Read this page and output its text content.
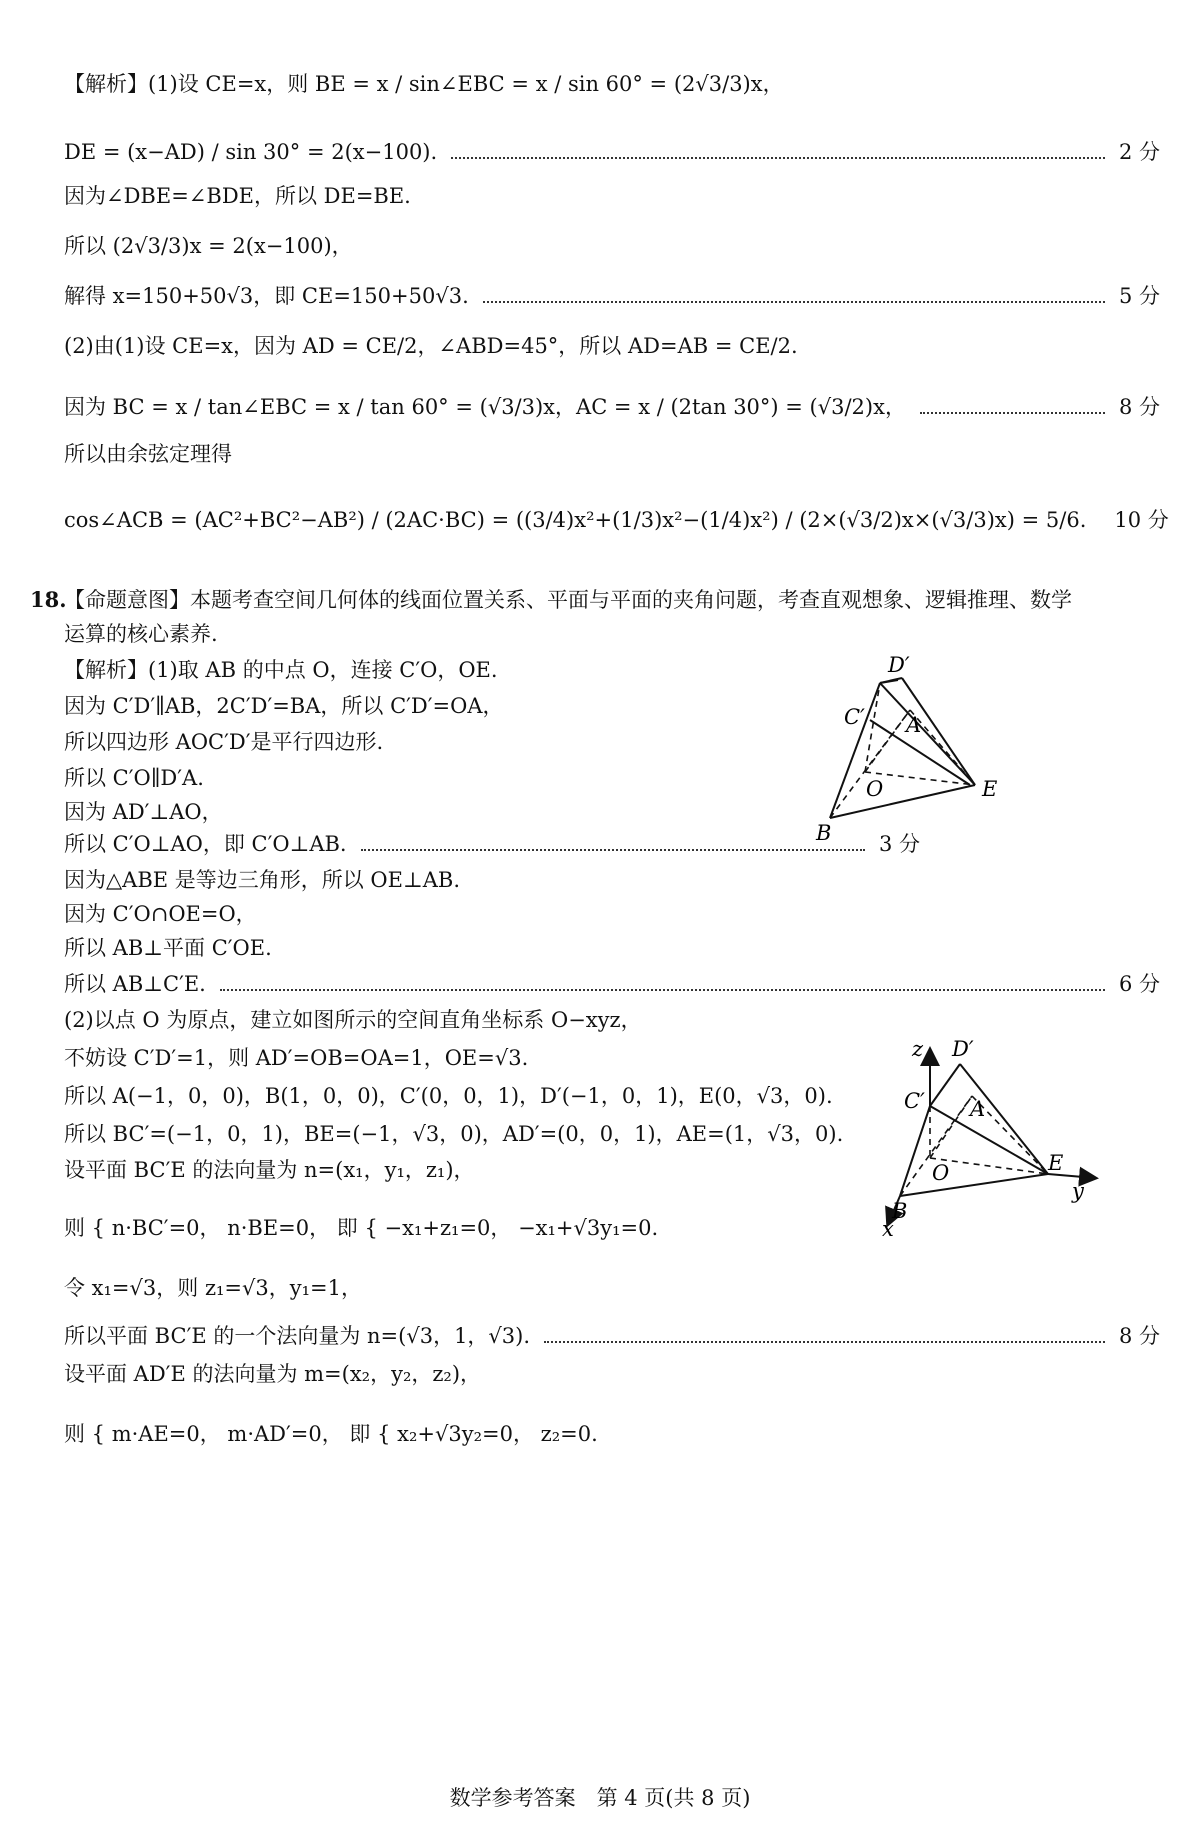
【解析】(1)设 CE=x，则 BE = x / sin∠EBC = x / sin 60° = (2√3/3)x，
DE = (x−AD) / sin 30° = 2(x−100).	2 分
因为∠DBE=∠BDE，所以 DE=BE.
所以 (2√3/3)x = 2(x−100)，
解得 x=150+50√3，即 CE=150+50√3.	5 分
(2)由(1)设 CE=x，因为 AD = CE/2，∠ABD=45°，所以 AD=AB = CE/2.
因为 BC = x / tan∠EBC = x / tan 60° = (√3/3)x，AC = x / (2tan 30°) = (√3/2)x，	8 分
所以由余弦定理得
cos∠ACB = (AC²+BC²−AB²) / (2AC·BC) = ((3/4)x²+(1/3)x²−(1/4)x²) / (2×(√3/2)x×(√3/3)x) = 5/6. 10 分
18.
【命题意图】本题考查空间几何体的线面位置关系、平面与平面的夹角问题，考查直观想象、逻辑推理、数学
运算的核心素养.
【解析】(1)取 AB 的中点 O，连接 C′O，OE.
因为 C′D′∥AB，2C′D′=BA，所以 C′D′=OA，
所以四边形 AOC′D′是平行四边形.
所以 C′O∥D′A.
因为 AD′⊥AO，
所以 C′O⊥AO，即 C′O⊥AB.	3 分
因为△ABE 是等边三角形，所以 OE⊥AB.
因为 C′O∩OE=O，
所以 AB⊥平面 C′OE.
所以 AB⊥C′E.	6 分
(2)以点 O 为原点，建立如图所示的空间直角坐标系 O−xyz，
不妨设 C′D′=1，则 AD′=OB=OA=1，OE=√3.
所以 A(−1，0，0)，B(1，0，0)，C′(0，0，1)，D′(−1，0，1)，E(0，√3，0).
所以 BC′=(−1，0，1)，BE=(−1，√3，0)，AD′=(0，0，1)，AE=(1，√3，0).
设平面 BC′E 的法向量为 n=(x₁，y₁，z₁)，
则 { n·BC′=0， n·BE=0， 即 { −x₁+z₁=0， −x₁+√3y₁=0.
令 x₁=√3，则 z₁=√3，y₁=1，
所以平面 BC′E 的一个法向量为 n=(√3，1，√3).	8 分
设平面 AD′E 的法向量为 m=(x₂，y₂，z₂)，
则 { m·AE=0， m·AD′=0， 即 { x₂+√3y₂=0， z₂=0.
D′
C′ A
O	E
B
z D′
C′ A
O	E
y
B
x
数学参考答案　第 4 页(共 8 页)
